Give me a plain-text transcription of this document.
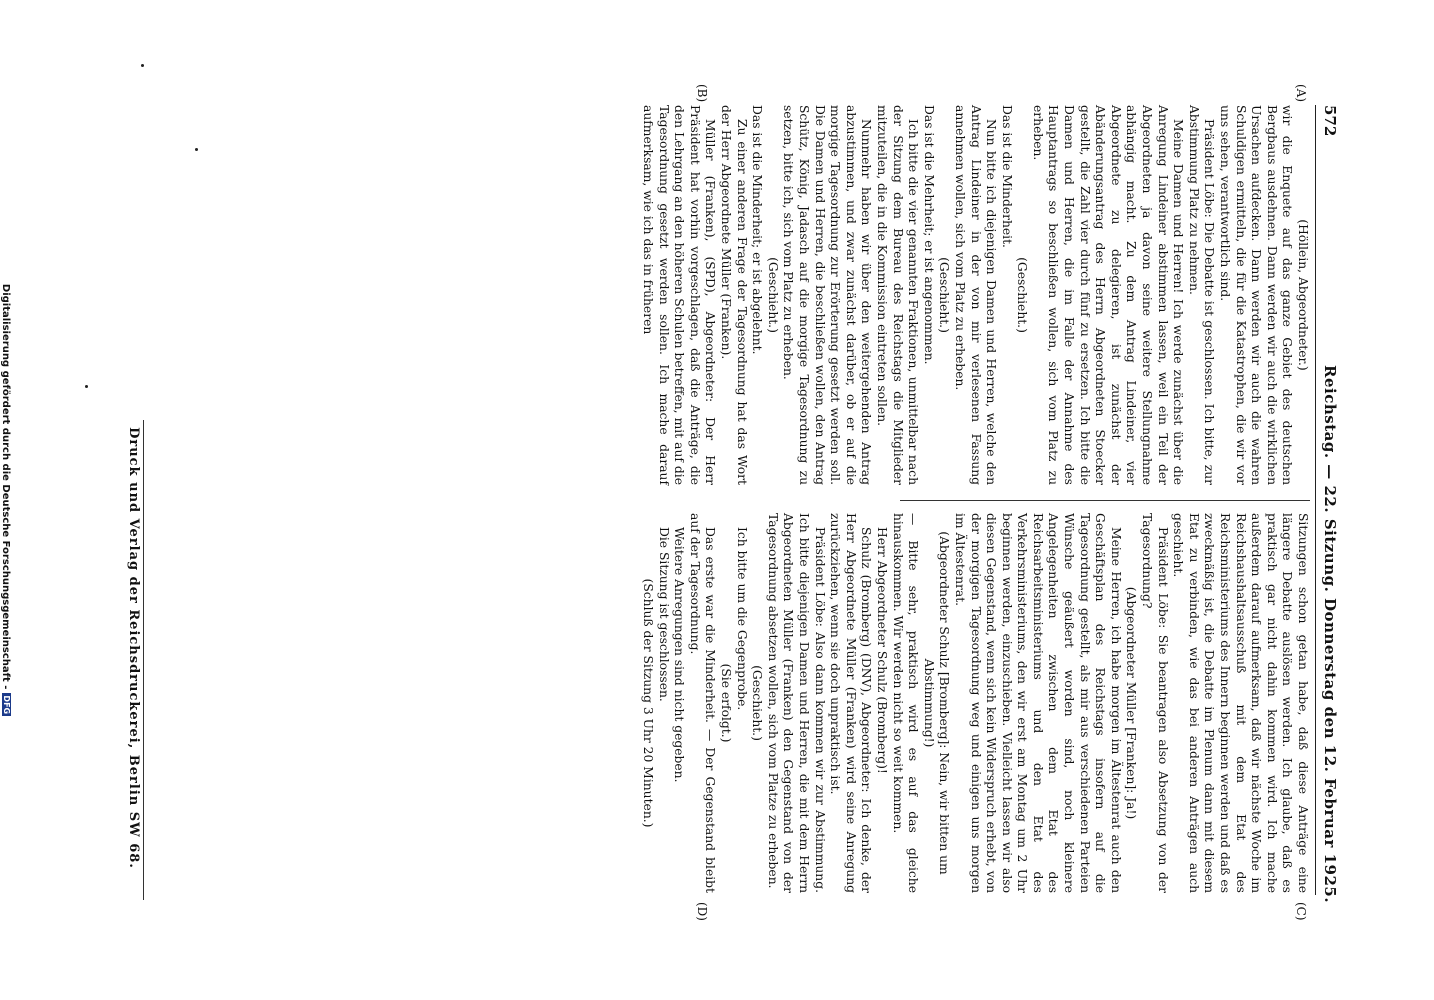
572
Reichstag. — 22. Sitzung. Donnerstag den 12. Februar 1925.
(A)
(B)
(C)
(D)

(Höllein, Abgeordneter.)

wir die Enquete auf das ganze Gebiet des deutschen Bergbaus ausdehnen. Dann werden wir auch die wirklichen Ursachen aufdecken. Dann werden wir auch die wahren Schuldigen ermitteln, die für die Katastrophen, die wir vor uns sehen, verantwortlich sind.

Präsident Löbe: Die Debatte ist geschlossen. Ich bitte, zur Abstimmung Platz zu nehmen.

Meine Damen und Herren! Ich werde zunächst über die Anregung Lindeiner abstimmen lassen, weil ein Teil der Abgeordneten ja davon seine weitere Stellungnahme abhängig macht. Zu dem Antrag Lindeiner, vier Abgeordnete zu delegieren, ist zunächst der Abänderungsantrag des Herrn Abgeordneten Stoecker gestellt, die Zahl vier durch fünf zu ersetzen. Ich bitte die Damen und Herren, die im Falle der Annahme des Hauptantrags so beschließen wollen, sich vom Platz zu erheben.

(Geschieht.)

Das ist die Minderheit.

Nun bitte ich diejenigen Damen und Herren, welche den Antrag Lindeiner in der von mir verlesenen Fassung annehmen wollen, sich vom Platz zu erheben.

(Geschieht.)

Das ist die Mehrheit; er ist angenommen.

Ich bitte die vier genannten Fraktionen, unmittelbar nach der Sitzung dem Bureau des Reichstags die Mitglieder mitzuteilen, die in die Kommission eintreten sollen.

Nunmehr haben wir über den weitergehenden Antrag abzustimmen, und zwar zunächst darüber, ob er auf die morgige Tagesordnung zur Erörterung gesetzt werden soll. Die Damen und Herren, die beschließen wollen, den Antrag Schütz, König, Jadasch auf die morgige Tagesordnung zu setzen, bitte ich, sich vom Platz zu erheben.

(Geschieht.)

Das ist die Minderheit; er ist abgelehnt.

Zu einer anderen Frage der Tagesordnung hat das Wort der Herr Abgeordnete Müller (Franken).

Müller (Franken), (SPD), Abgeordneter: Der Herr Präsident hat vorhin vorgeschlagen, daß die Anträge, die den Lehrgang an den höheren Schulen betreffen, mit auf die Tagesordnung gesetzt werden sollen. Ich mache darauf aufmerksam, wie ich das in früheren

Sitzungen schon getan habe, daß diese Anträge eine längere Debatte auslösen werden. Ich glaube, daß es praktisch gar nicht dahin kommen wird. Ich mache außerdem darauf aufmerksam, daß wir nächste Woche im Reichshaushaltsausschuß mit dem Etat des Reichsministeriums des Innern beginnen werden und daß es zweckmäßig ist, die Debatte im Plenum dann mit diesem Etat zu verbinden, wie das bei anderen Anträgen auch geschieht.

Präsident Löbe: Sie beantragen also Absetzung von der Tagesordnung?

(Abgeordneter Müller [Franken]: Ja!)

Meine Herren, ich habe morgen im Ältestenrat auch den Geschäftsplan des Reichstags insofern auf die Tagesordnung gestellt, als mir aus verschiedenen Parteien Wünsche geäußert worden sind, noch kleinere Angelegenheiten zwischen dem Etat des Reichsarbeitsministeriums und den Etat des Verkehrsministeriums, den wir erst am Montag um 2 Uhr beginnen werden, einzuschieben. Vielleicht lassen wir also diesen Gegenstand, wenn sich kein Widerspruch erhebt, von der morgigen Tagesordnung weg und einigen uns morgen im Ältestenrat.

(Abgeordneter Schulz [Bromberg]: Nein, wir bitten um Abstimmung!)

— Bitte sehr, praktisch wird es auf das gleiche hinauskommen. Wir werden nicht so weit kommen.

Herr Abgeordneter Schulz (Bromberg)!

Schulz (Bromberg) (DNV), Abgeordneter: Ich denke, der Herr Abgeordnete Müller (Franken) wird seine Anregung zurückziehen, wenn sie doch unpraktisch ist.

Präsident Löbe: Also dann kommen wir zur Abstimmung. Ich bitte diejenigen Damen und Herren, die mit dem Herrn Abgeordneten Müller (Franken) den Gegenstand von der Tagesordnung absetzen wollen, sich vom Platze zu erheben.

(Geschieht.)

Ich bitte um die Gegenprobe.

(Sie erfolgt.)

Das erste war die Minderheit. — Der Gegenstand bleibt auf der Tagesordnung.

Weitere Anregungen sind nicht gegeben.

Die Sitzung ist geschlossen.

(Schluß der Sitzung 3 Uhr 20 Minuten.)

Druck und Verlag der Reichsdruckerei, Berlin SW 68.
Digitalisierung gefördert durch die Deutsche Forschungsgemeinschaft -DFG
